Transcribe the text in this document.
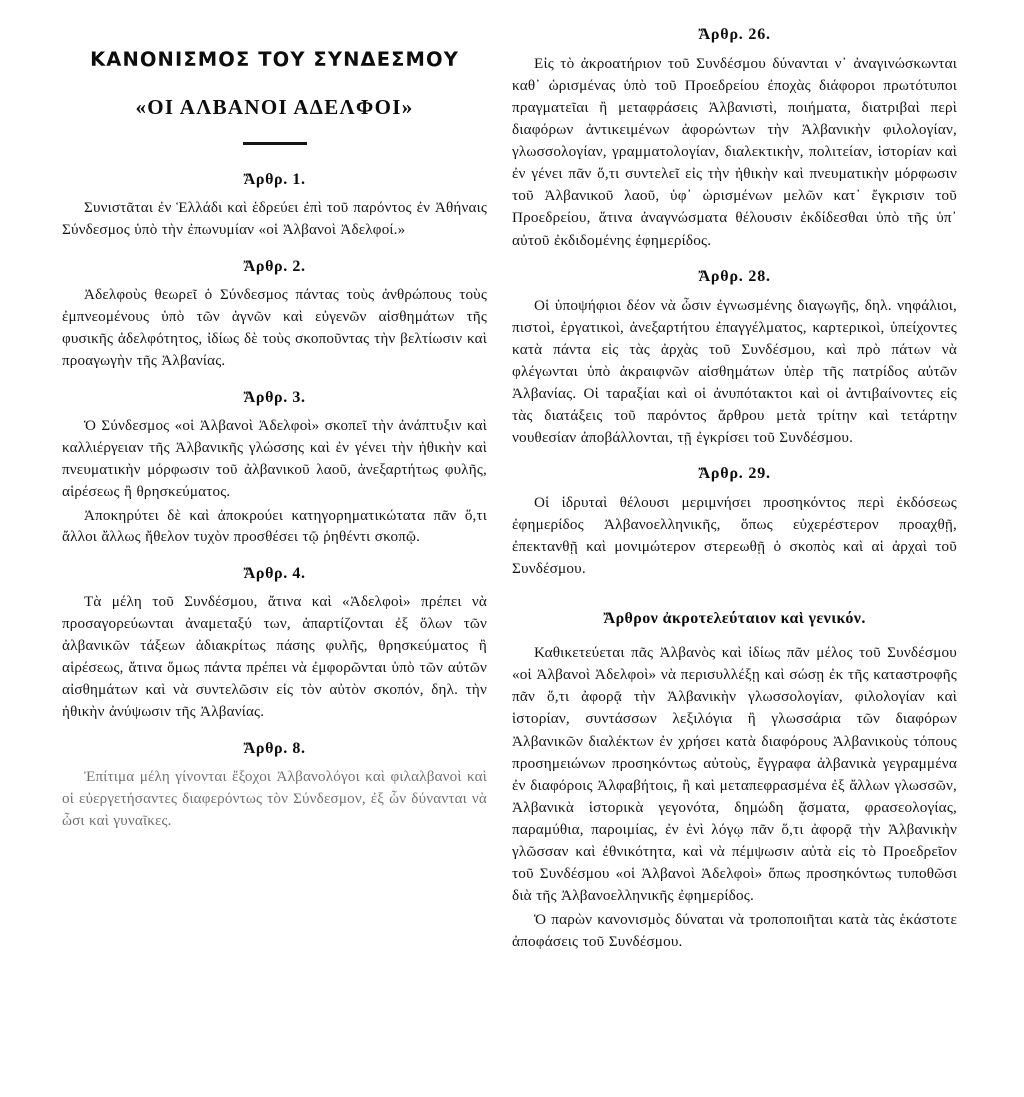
ΚΑΝΟΝΙΣΜΟΣ ΤΟΥ ΣΥΝΔΕΣΜΟΥ
«ΟΙ ΑΛΒΑΝΟΙ ΑΔΕΛΦΟΙ»
Ἄρθρ. 1.

Συνιστᾶται ἐν Ἑλλάδι καὶ ἑδρεύει ἐπὶ τοῦ παρόντος ἐν Ἀθήναις Σύνδεσμος ὑπὸ τὴν ἐπωνυμίαν «οἱ Ἀλβανοὶ Ἀδελφοί.»

Ἄρθρ. 2.

Ἀδελφοὺς θεωρεῖ ὁ Σύνδεσμος πάντας τοὺς ἀνθρώπους τοὺς ἐμπνεομένους ὑπὸ τῶν ἁγνῶν καὶ εὐγενῶν αἰσθημάτων τῆς φυσικῆς ἀδελφότητος, ἰδίως δὲ τοὺς σκοποῦντας τὴν βελτίωσιν καὶ προαγωγὴν τῆς Ἀλβανίας.

Ἄρθρ. 3.

Ὁ Σύνδεσμος «οἱ Ἀλβανοὶ Ἀδελφοὶ» σκοπεῖ τὴν ἀνάπτυξιν καὶ καλλιέργειαν τῆς Ἀλβανικῆς γλώσσης καὶ ἐν γένει τὴν ἠθικὴν καὶ πνευματικὴν μόρφωσιν τοῦ ἀλβανικοῦ λαοῦ, ἀνεξαρτήτως φυλῆς, αἱρέσεως ἢ θρησκεύματος.

Ἀποκηρύτει δὲ καὶ ἀποκρούει κατηγορηματικώτατα πᾶν ὅ,τι ἄλλοι ἄλλως ἤθελον τυχὸν προσθέσει τῷ ῥηθέντι σκοπῷ.

Ἄρθρ. 4.

Τὰ μέλη τοῦ Συνδέσμου, ἄτινα καὶ «Ἀδελφοὶ» πρέπει νὰ προσαγορεύωνται ἀναμεταξύ των, ἀπαρτίζονται ἐξ ὅλων τῶν ἀλβανικῶν τάξεων ἀδιακρίτως πάσης φυλῆς, θρησκεύματος ἢ αἱρέσεως, ἄτινα ὅμως πάντα πρέπει νὰ ἐμφορῶνται ὑπὸ τῶν αὐτῶν αἰσθημάτων καὶ νὰ συντελῶσιν εἰς τὸν αὐτὸν σκοπόν, δηλ. τὴν ἠθικὴν ἀνύψωσιν τῆς Ἀλβανίας.

Ἄρθρ. 8.

Ἐπίτιμα μέλη γίνονται ἔξοχοι Ἀλβανολόγοι καὶ φιλαλβανοὶ καὶ οἱ εὐεργετήσαντες διαφερόντως τὸν Σύνδεσμον, ἐξ ὧν δύνανται νὰ ὦσι καὶ γυναῖκες.

Ἄρθρ. 26.

Εἰς τὸ ἀκροατήριον τοῦ Συνδέσμου δύνανται ν᾽ ἀναγινώσκωνται καθ᾽ ὡρισμένας ὑπὸ τοῦ Προεδρείου ἐποχὰς διάφοροι πρωτότυποι πραγματεῖαι ἢ μεταφράσεις Ἀλβανιστὶ, ποιήματα, διατριβαὶ περὶ διαφόρων ἀντικειμένων ἀφορώντων τὴν Ἀλβανικὴν φιλολογίαν, γλωσσολογίαν, γραμματολογίαν, διαλεκτικὴν, πολιτείαν, ἱστορίαν καὶ ἐν γένει πᾶν ὅ,τι συντελεῖ εἰς τὴν ἠθικὴν καὶ πνευματικὴν μόρφωσιν τοῦ Ἀλβανικοῦ λαοῦ, ὑφ᾽ ὡρισμένων μελῶν κατ᾽ ἔγκρισιν τοῦ Προεδρείου, ἅτινα ἀναγνώσματα θέλουσιν ἐκδίδεσθαι ὑπὸ τῆς ὑπ᾽ αὐτοῦ ἐκδιδομένης ἐφημερίδος.

Ἄρθρ. 28.

Οἱ ὑποψήφιοι δέον νὰ ὦσιν ἐγνωσμένης διαγωγῆς, δηλ. νηφάλιοι, πιστοὶ, ἐργατικοὶ, ἀνεξαρτήτου ἐπαγγέλματος, καρτερικοὶ, ὑπείχοντες κατὰ πάντα εἰς τὰς ἀρχὰς τοῦ Συνδέσμου, καὶ πρὸ πάτων νὰ φλέγωνται ὑπὸ ἀκραιφνῶν αἰσθημάτων ὑπὲρ τῆς πατρίδος αὐτῶν Ἀλβανίας. Οἱ ταραξίαι καὶ οἱ ἀνυπότακτοι καὶ οἱ ἀντιβαίνοντες εἰς τὰς διατάξεις τοῦ παρόντος ἄρθρου μετὰ τρίτην καὶ τετάρτην νουθεσίαν ἀποβάλλονται, τῇ ἐγκρίσει τοῦ Συνδέσμου.

Ἄρθρ. 29.

Οἱ ἱδρυταὶ θέλουσι μεριμνήσει προσηκόντος περὶ ἐκδόσεως ἐφημερίδος Ἀλβανοελληνικῆς, ὅπως εὐχερέστερον προαχθῇ, ἐπεκτανθῇ καὶ μονιμώτερον στερεωθῇ ὁ σκοπὸς καὶ αἱ ἀρχαὶ τοῦ Συνδέσμου.

Ἄρθρον ἀκροτελεύταιον καὶ γενικόν.

Καθικετεύεται πᾶς Ἀλβανὸς καὶ ἰδίως πᾶν μέλος τοῦ Συνδέσμου «οἱ Ἀλβανοὶ Ἀδελφοὶ» νὰ περισυλλέξῃ καὶ σώσῃ ἐκ τῆς καταστροφῆς πᾶν ὅ,τι ἀφορᾷ τὴν Ἀλβανικὴν γλωσσολογίαν, φιλολογίαν καὶ ἱστορίαν, συντάσσων λεξιλόγια ἢ γλωσσάρια τῶν διαφόρων Ἀλβανικῶν διαλέκτων ἐν χρήσει κατὰ διαφόρους Ἀλβανικοὺς τόπους προσημειώνων προσηκόντως αὐτοὺς, ἔγγραφα ἀλβανικὰ γεγραμμένα ἐν διαφόροις Ἀλφαβήτοις, ἢ καὶ μεταπεφρασμένα ἐξ ἄλλων γλωσσῶν, Ἀλβανικὰ ἱστορικὰ γεγονότα, δημώδη ᾄσματα, φρασεολογίας, παραμύθια, παροιμίας, ἐν ἑνὶ λόγῳ πᾶν ὅ,τι ἀφορᾷ τὴν Ἀλβανικὴν γλῶσσαν καὶ ἐθνικότητα, καὶ νὰ πέμψωσιν αὐτὰ εἰς τὸ Προεδρεῖον τοῦ Συνδέσμου «οἱ Ἀλβανοὶ Ἀδελφοὶ» ὅπως προσηκόντως τυποθῶσι διὰ τῆς Ἀλβανοελληνικῆς ἐφημερίδος.

Ὁ παρὼν κανονισμὸς δύναται νὰ τροποποιῆται κατὰ τὰς ἑκάστοτε ἀποφάσεις τοῦ Συνδέσμου.
